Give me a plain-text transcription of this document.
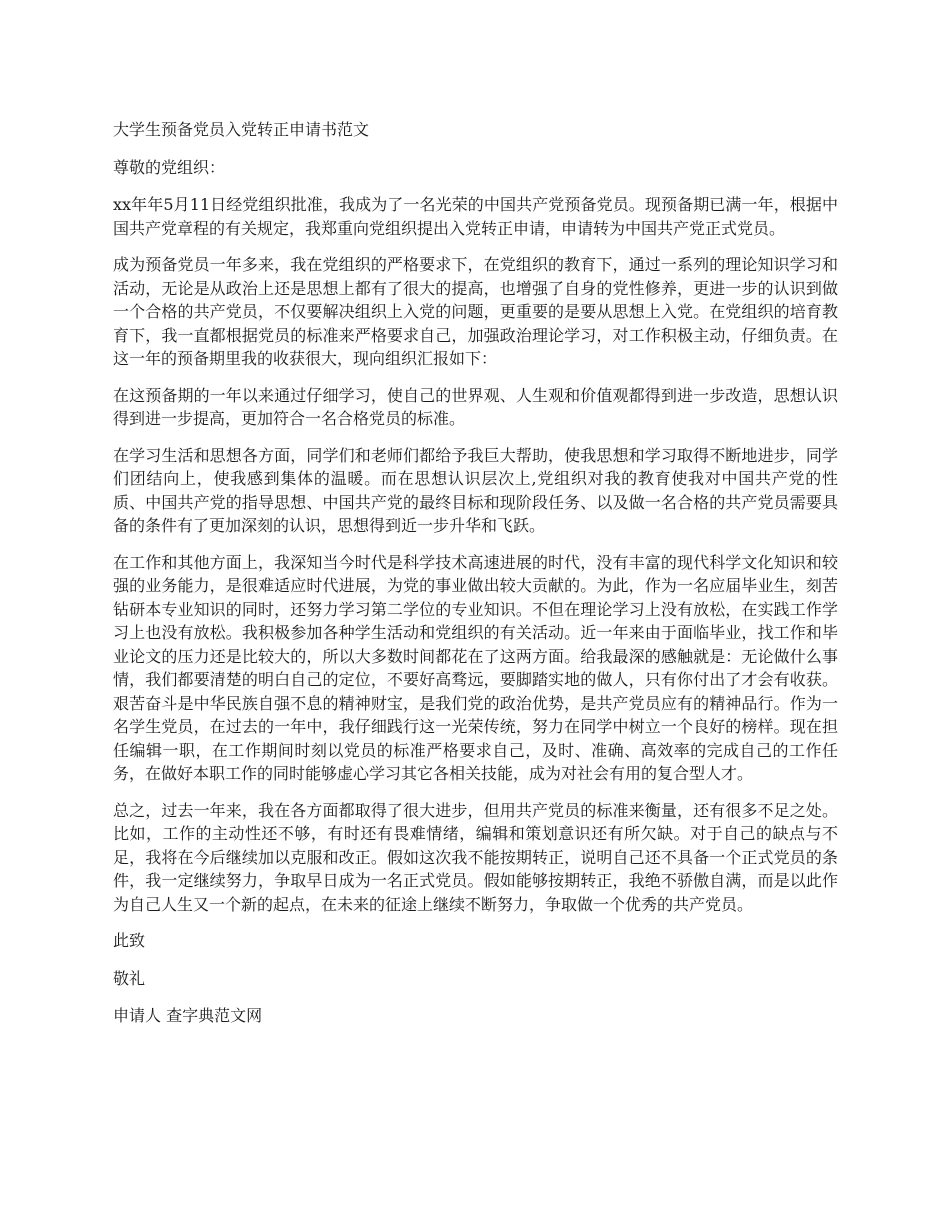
大学生预备党员入党转正申请书范文

尊敬的党组织：

xx年年5月11日经党组织批准，我成为了一名光荣的中国共产党预备党员。现预备期已满一年，根据中国共产党章程的有关规定，我郑重向党组织提出入党转正申请，申请转为中国共产党正式党员。

成为预备党员一年多来，我在党组织的严格要求下，在党组织的教育下，通过一系列的理论知识学习和活动，无论是从政治上还是思想上都有了很大的提高，也增强了自身的党性修养，更进一步的认识到做一个合格的共产党员，不仅要解决组织上入党的问题，更重要的是要从思想上入党。在党组织的培育教育下，我一直都根据党员的标准来严格要求自己，加强政治理论学习，对工作积极主动，仔细负责。在这一年的预备期里我的收获很大，现向组织汇报如下：

在这预备期的一年以来通过仔细学习，使自己的世界观、人生观和价值观都得到进一步改造，思想认识得到进一步提高，更加符合一名合格党员的标准。

在学习生活和思想各方面，同学们和老师们都给予我巨大帮助，使我思想和学习取得不断地进步，同学们团结向上，使我感到集体的温暖。而在思想认识层次上,党组织对我的教育使我对中国共产党的性质、中国共产党的指导思想、中国共产党的最终目标和现阶段任务、以及做一名合格的共产党员需要具备的条件有了更加深刻的认识，思想得到近一步升华和飞跃。

在工作和其他方面上，我深知当今时代是科学技术高速进展的时代，没有丰富的现代科学文化知识和较强的业务能力，是很难适应时代进展，为党的事业做出较大贡献的。为此，作为一名应届毕业生，刻苦钻研本专业知识的同时，还努力学习第二学位的专业知识。不但在理论学习上没有放松，在实践工作学习上也没有放松。我积极参加各种学生活动和党组织的有关活动。近一年来由于面临毕业，找工作和毕业论文的压力还是比较大的，所以大多数时间都花在了这两方面。给我最深的感触就是：无论做什么事情，我们都要清楚的明白自己的定位，不要好高骛远，要脚踏实地的做人，只有你付出了才会有收获。艰苦奋斗是中华民族自强不息的精神财宝，是我们党的政治优势，是共产党员应有的精神品行。作为一名学生党员，在过去的一年中，我仔细践行这一光荣传统，努力在同学中树立一个良好的榜样。现在担任编辑一职，在工作期间时刻以党员的标准严格要求自己，及时、准确、高效率的完成自己的工作任务，在做好本职工作的同时能够虚心学习其它各相关技能，成为对社会有用的复合型人才。

总之，过去一年来，我在各方面都取得了很大进步，但用共产党员的标准来衡量，还有很多不足之处。比如，工作的主动性还不够，有时还有畏难情绪，编辑和策划意识还有所欠缺。对于自己的缺点与不足，我将在今后继续加以克服和改正。假如这次我不能按期转正，说明自己还不具备一个正式党员的条件，我一定继续努力，争取早日成为一名正式党员。假如能够按期转正，我绝不骄傲自满，而是以此作为自己人生又一个新的起点，在未来的征途上继续不断努力，争取做一个优秀的共产党员。

此致

敬礼

申请人 查字典范文网
